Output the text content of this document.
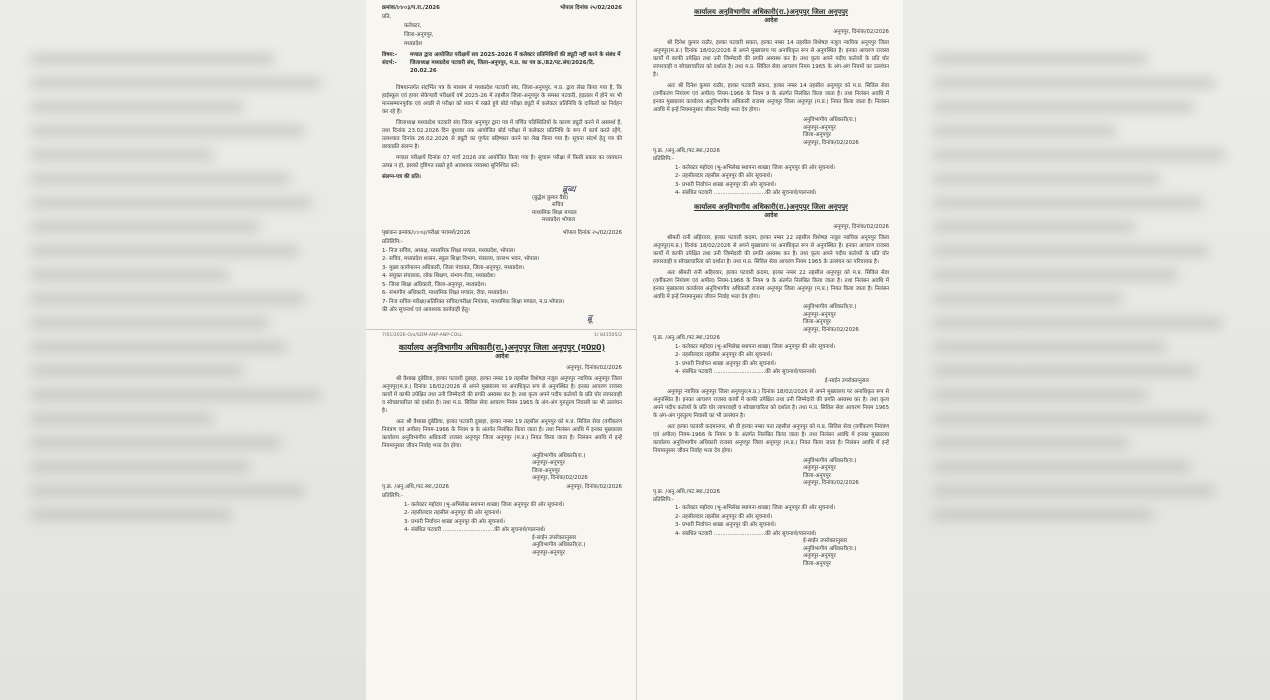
क्रमांक/৮৮০३/प.रा./2026	भोपाल दिनांक २५/02/2026
प्रति,
कलेक्टर,
जिला-अनूपपुर,
मध्यप्रदेश
विषय:-	मण्डल द्वारा आयोजित परीक्षायें सत्र 2025-2026 में कलेक्टर प्रतिनिधियों की ड्यूटी नहीं करने के संबंध में
संदर्भ:-	जिलाध्यक्ष मध्यप्रदेश पटवारी संघ, जिला-अनूपपुर, म.प्र. का पत्र क्र./82/पट.संघ/2026/दि. 20.02.26
विषयान्तर्गत संदर्भित पत्र के माध्यम से मध्यप्रदेश पटवारी संघ, जिला-अनूपपुर, म.प्र. द्वारा लेख किया गया है, कि हाईस्कूल एवं हायर सेकेण्डरी परीक्षायें वर्ष 2025-26 में तहसील जिला-अनूपपुर के समस्त पटवारी, हड़ताल में होने पर भी मानसम्मानपूर्वक एवं अच्छी से परीक्षा को ध्यान में रखते हुये बोर्ड परीक्षा ड्यूटी में कलेक्टर प्रतिनिधि के दायित्वों का निर्वहन कर रहे हैं।
जिलाध्यक्ष मध्यप्रदेश पटवारी संघ जिला अनूपपुर द्वारा पत्र में वर्णित परिस्थितियों के कारण ड्यूटी करने में असमर्थ हैं, तथा दिनांक 23.02.2026 दिन बुधवार तक आयोजित बोर्ड परीक्षा में कलेक्टर प्रतिनिधि के रूप में कार्य करते रहेंगे, तत्पश्चात दिनांक 26.02.2026 से ड्यूटी का पूर्णतः बहिष्कार करने का लेख किया गया है। सूचना संदर्भ हेतु पत्र की छायाप्रति संलग्न है।
मण्डल परीक्षायें दिनांक 07 मार्च 2026 तक आयोजित किया गया है। सुचारू परीक्षा में किसी प्रकार का व्यवधान उत्पन्न न हो, इसको दृष्टिगत रखते हुये आवश्यक व्यवस्था सुनिश्चित करें।
संलग्न-पत्र की प्रति।
ब्रूब्ध
(बुद्धेश कुमार वैद्य)
सचिव
माध्यमिक शिक्षा मण्डल
मध्यप्रदेश भोपाल
पृष्ठांकन क्रमांक/৮৮०३/परीक्षा परामर्श/2026	भोपाल दिनांक २५/02/2026
प्रतिलिपि:-
1- निज सचिव, अध्यक्ष, माध्यमिक शिक्षा मण्डल, मध्यप्रदेश, भोपाल।
2- सचिव, मध्यप्रदेश शासन, स्कूल शिक्षा विभाग, मंत्रालय, वल्लभ भवन, भोपाल।
3- मुख्य कार्यपालन अधिकारी, जिला पंचायत, जिला-अनूपपुर, मध्यप्रदेश।
4- संयुक्त संचालक, लोक शिक्षण, संभाग-रीवा, मध्यप्रदेश।
5- जिला शिक्षा अधिकारी, जिला-अनूपपुर, मध्यप्रदेश।
6- संभागीय अधिकारी, माध्यमिक शिक्षा मण्डल, रीवा, मध्यप्रदेश।
7- निज सचिव-परीक्षा/अतिरिक्त सचिव/परीक्षा नियंत्रक, माध्यमिक शिक्षा मण्डल, म.प्र.भोपाल।
की ओर सूचनार्थ एवं आवश्यक कार्यवाही हेतु।
ब्रू
7/01/2026-O/o/SDM-ANP-ANP-COLL	1/ 841505/2
कार्यालय अनुविभागीय अधिकारी(रा.)अनूपपुर जिला अनूपपुर (म0प्र0)
आदेश
अनूपपुर, दिनांक/02/2026
श्री वैशाख दुबेडिया, हल्का पटवारी दुबाहा, हल्का नम्बर 19 तहसील विशेषज्ञ नजूल अनूपपुर न्यायिक अनूपपुर जिला अनूपपुर(म.प्र.) दिनांक 18/02/2026 से अपने मुख्यालय पर अनाधिकृत रूप से अनुपस्थित है। इनका आचरण राजस्व कार्यों में काफी उपेक्षित तथा उनी जिम्मेदारी की प्रगति अस्वस्थ कर है। तथा कृत्य अपने पदीय कर्तव्यों के प्रति घोर लापरवाही व स्वेच्छाचारिता को दर्शाता है। तथा म.प्र. सिविल सेवा आचरण नियम 1965 के अंग-अंग गुरुतुल्य निवासी का भी उल्लंघन है।
अतः श्री वैशाख दुबेडिया, हल्का पटवारी दुबाहा, हल्का नम्बर 19 तहसील अनूपपुर को म.प्र. सिविल सेवा (वर्गीकरण नियंत्रण एवं अपील) नियम-1966 के नियम 9 के अंतर्गत निलंबित किया जाता है। तथा निलंबन अवधि में इनका मुख्यालय कार्यालय अनुविभागीय अधिकारी राजस्व अनूपपुर जिला अनूपपुर (म.प्र.) नियत किया जाता है। निलंबन अवधि में इन्हें नियमानुसार जीवन निर्वाह भत्ता देय होगा।
अनुविभागीय अधिकारी(रा.)
अनूपपुर-अनूपपुर
जिला-अनूपपुर
अनूपपुर, दिनांक/02/2026
पृ.क्र. /अनु.अधि./पट.स्था./2026	अनूपपुर, दिनांक/02/2026
प्रतिलिपि:-
1- कलेक्टर महोदय (भू-अभिलेख स्थापना शाखा) जिला अनूपपुर की ओर सूचनार्थ।
2- तहसीलदार तहसील अनूपपुर की ओर सूचनार्थ।
3- प्रभारी निर्वाचन शाखा अनूपपुर की ओर सूचनार्थ।
4- संबंधित पटवारी ..............................की ओर सूचनार्थ/पालनार्थ।
ई-साईन उपरोक्तानुसार
अनुविभागीय अधिकारी(रा.)
अनूपपुर-अनूपपुर
कार्यालय अनुविभागीय अधिकारी(रा.)अनूपपुर जिला अनूपपुर
आदेश
अनूपपुर, दिनांक/02/2026
श्री दिनेश कुमार राठौर, हल्का पटवारी सकरा, हल्का नम्बर 14 तहसील विशेषज्ञ नजूल न्यायिक अनूपपुर जिला अनूपपुर(म.प्र.) दिनांक 18/02/2026 से अपने मुख्यालय पर अनाधिकृत रूप से अनुपस्थित है। इनका आचरण राजस्व कार्यों में काफी उपेक्षित तथा उनी जिम्मेदारी की प्रगति अस्वस्थ कर है। तथा कृत्य अपने पदीय कर्तव्यों के प्रति घोर लापरवाही व स्वेच्छाचारिता को दर्शाता है। तथा म.प्र. सिविल सेवा आचरण नियम 1965 के अंग-अंग नियमों का उल्लंघन है।
अतः श्री दिनेश कुमार राठौर, हल्का पटवारी सकरा, हल्का नम्बर 14 तहसील अनूपपुर को म.प्र. सिविल सेवा (वर्गीकरण नियंत्रण एवं अपील) नियम-1966 के नियम 9 के अंतर्गत निलंबित किया जाता है। तथा निलंबन अवधि में इनका मुख्यालय कार्यालय अनुविभागीय अधिकारी राजस्व अनूपपुर जिला अनूपपुर (म.प्र.) नियत किया जाता है। निलंबन अवधि में इन्हें नियमानुसार जीवन निर्वाह भत्ता देय होगा।
अनुविभागीय अधिकारी(रा.)
अनूपपुर-अनूपपुर
जिला-अनूपपुर
अनूपपुर, दिनांक/02/2026
पृ.क्र. /अनु.अधि./पट.स्था./2026
प्रतिलिपि:-
1- कलेक्टर महोदय (भू-अभिलेख स्थापना शाखा) जिला अनूपपुर की ओर सूचनार्थ।
2- तहसीलदार तहसील अनूपपुर की ओर सूचनार्थ।
3- प्रभारी निर्वाचन शाखा अनूपपुर की ओर सूचनार्थ।
4- संबंधित पटवारी ..............................की ओर सूचनार्थ/पालनार्थ।
कार्यालय अनुविभागीय अधिकारी(रा.)अनूपपुर जिला अनूपपुर
आदेश
अनूपपुर, दिनांक/02/2026
श्रीमती रानी अहिरवार, हल्का पटवारी कदमा, हल्का नम्बर 22 तहसील विशेषज्ञ नजूल न्यायिक अनूपपुर जिला अनूपपुर(म.प्र.) दिनांक 18/02/2026 से अपने मुख्यालय पर अनाधिकृत रूप से अनुपस्थित है। इनका आचरण राजस्व कार्यों में काफी उपेक्षित तथा उनी जिम्मेदारी की प्रगति अस्वस्थ कर है। तथा कृत्य अपने पदीय कर्तव्यों के प्रति घोर लापरवाही व स्वेच्छाचारिता को दर्शाता है। तथा म.प्र. सिविल सेवा आचरण नियम 1965 के उल्लंघन का परिचायक है।
अतः श्रीमती रानी अहिरवार, हल्का पटवारी कदमा, हल्का नम्बर 22 तहसील अनूपपुर को म.प्र. सिविल सेवा (वर्गीकरण नियंत्रण एवं अपील) नियम-1966 के नियम 9 के अंतर्गत निलंबित किया जाता है। तथा निलंबन अवधि में इनका मुख्यालय कार्यालय अनुविभागीय अधिकारी राजस्व अनूपपुर जिला अनूपपुर (म.प्र.) नियत किया जाता है। निलंबन अवधि में इन्हें नियमानुसार जीवन निर्वाह भत्ता देय होगा।
अनुविभागीय अधिकारी(रा.)
अनूपपुर-अनूपपुर
जिला-अनूपपुर
अनूपपुर, दिनांक/02/2026
पृ.क्र. /अनु.अधि./पट.स्था./2026
1- कलेक्टर महोदय (भू-अभिलेख स्थापना शाखा) जिला अनूपपुर की ओर सूचनार्थ।
2- तहसीलदार तहसील अनूपपुर की ओर सूचनार्थ।
3- प्रभारी निर्वाचन शाखा अनूपपुर की ओर सूचनार्थ।
4- संबंधित पटवारी ..............................की ओर सूचनार्थ/पालनार्थ।
ई-साईन उपरोक्तानुसार
अनूपपुर न्यायिक अनूपपुर जिला अनूपपुर(म.प्र.) दिनांक 18/02/2026 से अपने मुख्यालय पर अनाधिकृत रूप से अनुपस्थित है। इनका आचरण राजस्व कार्यों में काफी उपेक्षित तथा उनी जिम्मेदारी की प्रगति अस्वस्थ कर है। तथा कृत्य अपने पदीय कर्तव्यों के प्रति घोर लापरवाही व स्वेच्छाचारिता को दर्शाता है। तथा म.प्र. सिविल सेवा आचरण नियम 1965 के अंग-अंग गुरुतुल्य निवासी का भी उल्लंघन है।
अतः हल्का पटवारी कदमानगर, श्री वी हल्का नम्बर पता तहसील अनूपपुर को म.प्र. सिविल सेवा (वर्गीकरण नियंत्रण एवं अपील) नियम-1966 के नियम 9 के अंतर्गत निलंबित किया जाता है। तथा निलंबन अवधि में इनका मुख्यालय कार्यालय अनुविभागीय अधिकारी राजस्व अनूपपुर जिला अनूपपुर (म.प्र.) नियत किया जाता है। निलंबन अवधि में इन्हें नियमानुसार जीवन निर्वाह भत्ता देय होगा।
अनुविभागीय अधिकारी(रा.)
अनूपपुर-अनूपपुर
जिला-अनूपपुर
अनूपपुर, दिनांक/02/2026
पृ.क्र. /अनु.अधि./पट.स्था./2026
प्रतिलिपि:-
1- कलेक्टर महोदय (भू-अभिलेख स्थापना शाखा) जिला अनूपपुर की ओर सूचनार्थ।
2- तहसीलदार तहसील अनूपपुर की ओर सूचनार्थ।
3- प्रभारी निर्वाचन शाखा अनूपपुर की ओर सूचनार्थ।
4- संबंधित पटवारी ..............................की ओर सूचनार्थ/पालनार्थ।
ई-साईन उपरोक्तानुसार
अनुविभागीय अधिकारी(रा.)
अनूपपुर-अनूपपुर
जिला-अनूपपुर
